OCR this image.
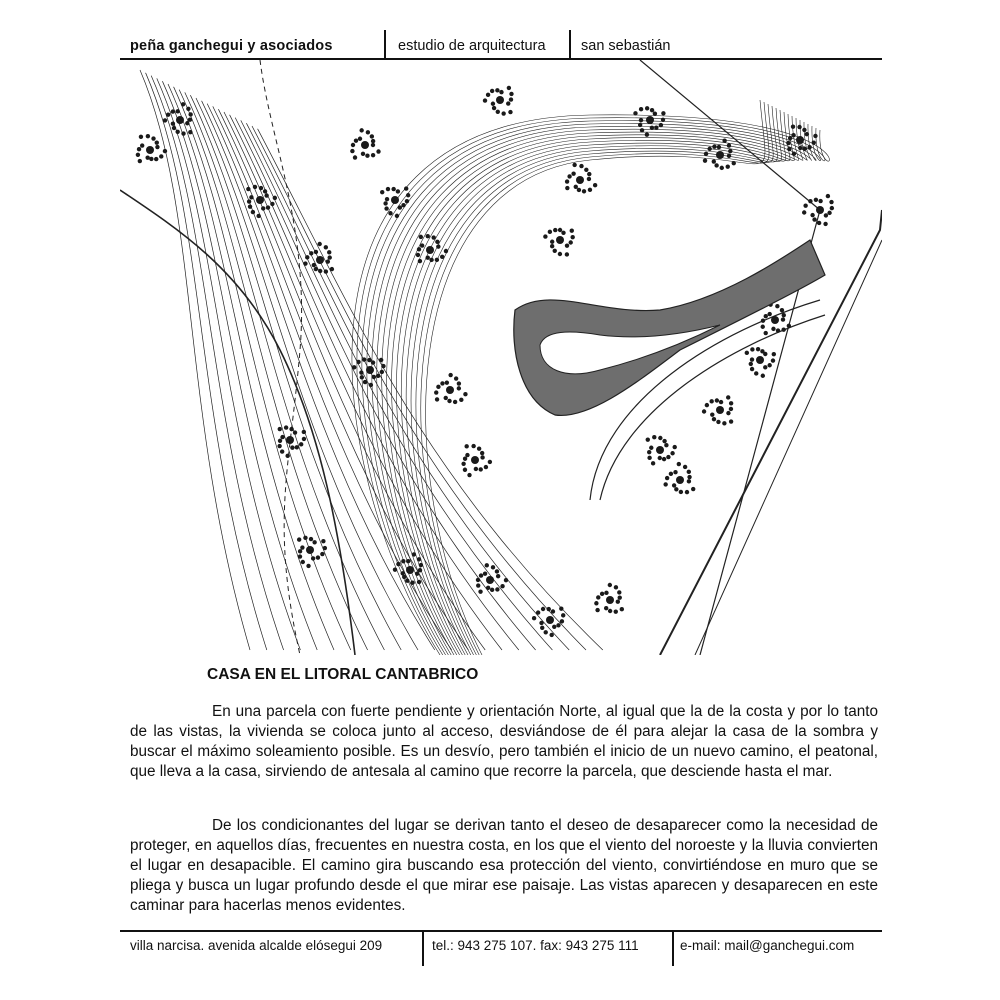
peña ganchegui y asociados	estudio de arquitectura san sebastián
CASA EN EL LITORAL CANTABRICO

En una parcela con fuerte pendiente y orientación Norte, al igual que la de la costa y por lo tanto de las vistas, la vivienda se coloca junto al acceso, desviándose de él para alejar la casa de la sombra y buscar el máximo soleamiento posible. Es un desvío, pero también el inicio de un nuevo camino, el peatonal, que lleva a la casa, sirviendo de antesala al camino que recorre la parcela, que desciende hasta el mar.

De los condicionantes del lugar se derivan tanto el deseo de desaparecer como la necesidad de proteger, en aquellos días, frecuentes en nuestra costa, en los que el viento del noroeste y la lluvia convierten el lugar en desapacible. El camino gira buscando esa protección del viento, convirtiéndose en muro que se pliega y busca un lugar profundo desde el que mirar ese paisaje. Las vistas aparecen y desaparecen en este caminar para hacerlas menos evidentes.

villa narcisa. avenida alcalde elósegui 209	tel.: 943 275 107. fax: 943 275 111	e-mail: mail@ganchegui.com
